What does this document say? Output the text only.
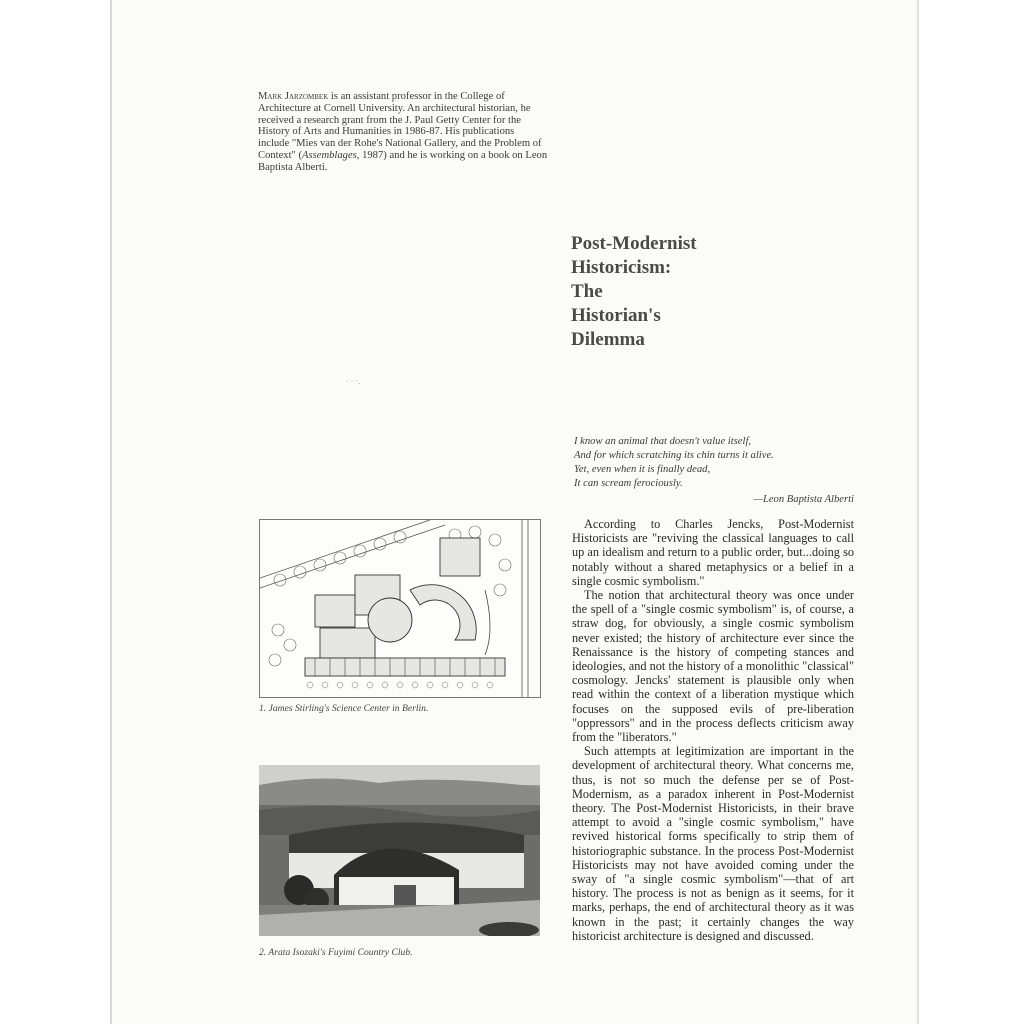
Mark Jarzombek is an assistant professor in the College of Architecture at Cornell University. An architectural historian, he received a research grant from the J. Paul Getty Center for the History of Arts and Humanities in 1986-87. His publications include "Mies van der Rohe's National Gallery, and the Problem of Context" (Assemblages, 1987) and he is working on a book on Leon Baptista Alberti.
Post-Modernist
Historicism:
The
Historian's
Dilemma
· · ·.
I know an animal that doesn't value itself,
And for which scratching its chin turns it alive.
Yet, even when it is finally dead,
It can scream ferociously.
—Leon Baptista Alberti
1. James Stirling's Science Center in Berlin.
2. Arata Isozaki's Fuyimi Country Club.

According to Charles Jencks, Post-Modernist Historicists are "reviving the classical languages to call up an idealism and return to a public order, but...doing so notably without a shared metaphysics or a belief in a single cosmic symbolism."

The notion that architectural theory was once under the spell of a "single cosmic symbolism" is, of course, a straw dog, for obviously, a single cosmic symbolism never existed; the history of architecture ever since the Renaissance is the history of competing stances and ideologies, and not the history of a monolithic "classical" cosmology. Jencks' statement is plausible only when read within the context of a liberation mystique which focuses on the supposed evils of pre-liberation "oppressors" and in the process deflects criticism away from the "liberators."

Such attempts at legitimization are important in the development of architectural theory. What concerns me, thus, is not so much the defense per se of Post-Modernism, as a paradox inherent in Post-Modernist theory. The Post-Modernist Historicists, in their brave attempt to avoid a "single cosmic symbolism," have revived historical forms specifically to strip them of historiographic substance. In the process Post-Modernist Historicists may not have avoided coming under the sway of "a single cosmic symbolism"—that of art history. The process is not as benign as it seems, for it marks, perhaps, the end of architectural theory as it was known in the past; it certainly changes the way historicist architecture is designed and discussed.
